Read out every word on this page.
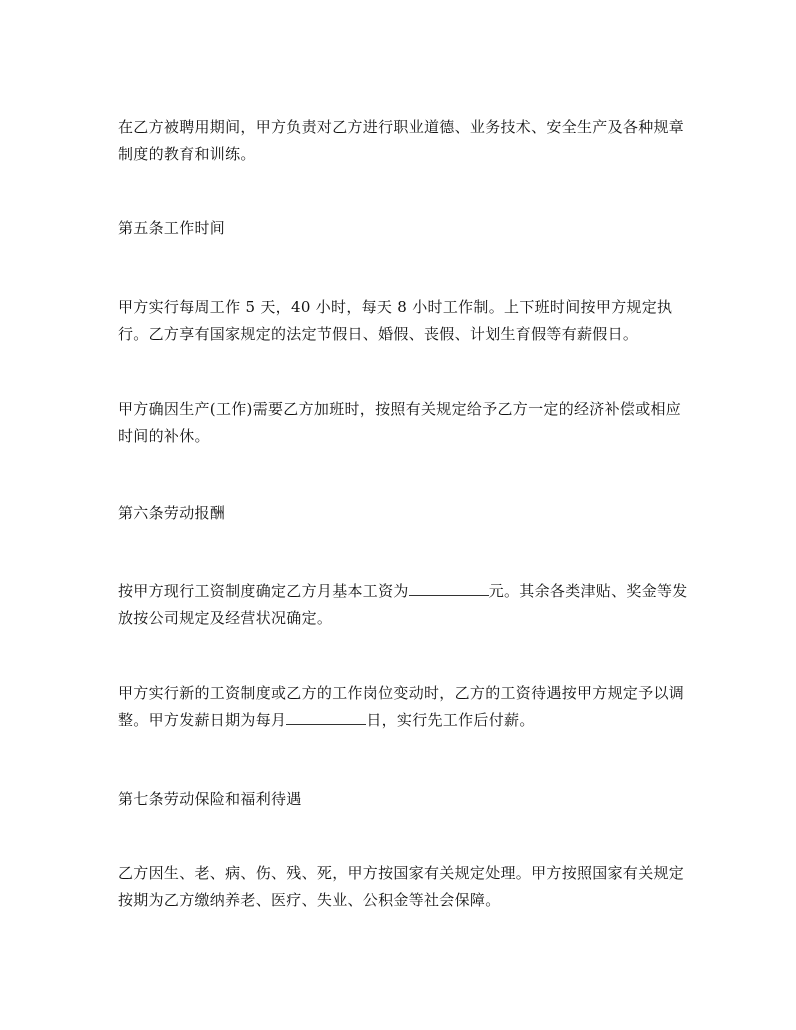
在乙方被聘用期间，甲方负责对乙方进行职业道德、业务技术、安全生产及各种规章制度的教育和训练。

第五条工作时间

甲方实行每周工作 5 天，40 小时，每天 8 小时工作制。上下班时间按甲方规定执行。乙方享有国家规定的法定节假日、婚假、丧假、计划生育假等有薪假日。

甲方确因生产(工作)需要乙方加班时，按照有关规定给予乙方一定的经济补偿或相应时间的补休。

第六条劳动报酬

按甲方现行工资制度确定乙方月基本工资为	元。其余各类津贴、奖金等发放按公司规定及经营状况确定。

甲方实行新的工资制度或乙方的工作岗位变动时，乙方的工资待遇按甲方规定予以调整。甲方发薪日期为每月	日，实行先工作后付薪。

第七条劳动保险和福利待遇

乙方因生、老、病、伤、残、死，甲方按国家有关规定处理。甲方按照国家有关规定按期为乙方缴纳养老、医疗、失业、公积金等社会保障。
